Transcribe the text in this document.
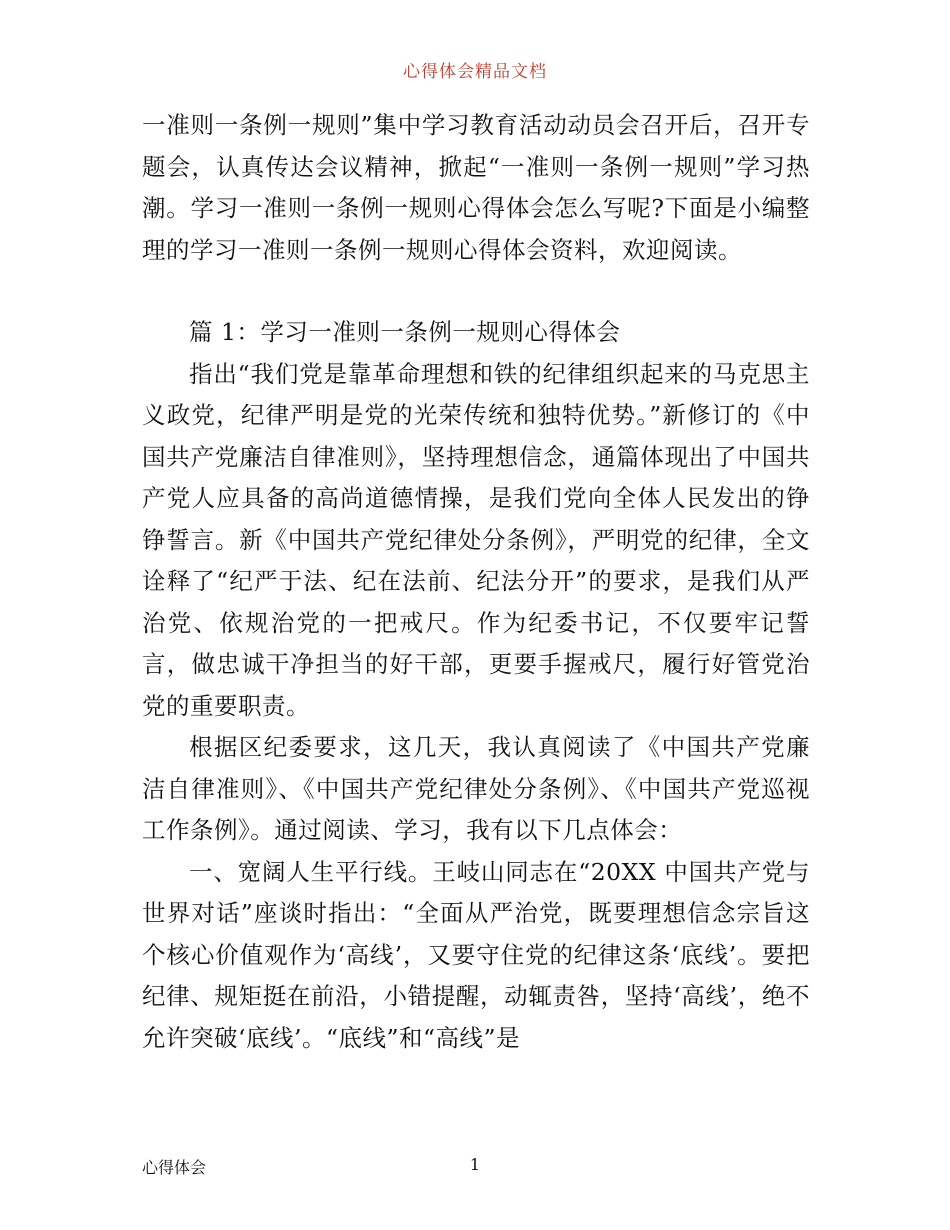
心得体会精品文档

一准则一条例一规则”集中学习教育活动动员会召开后，召开专题会，认真传达会议精神，掀起“一准则一条例一规则”学习热潮。学习一准则一条例一规则心得体会怎么写呢?下面是小编整理的学习一准则一条例一规则心得体会资料，欢迎阅读。

篇 1：学习一准则一条例一规则心得体会

指出“我们党是靠革命理想和铁的纪律组织起来的马克思主义政党，纪律严明是党的光荣传统和独特优势。”新修订的《中国共产党廉洁自律准则》，坚持理想信念，通篇体现出了中国共产党人应具备的高尚道德情操，是我们党向全体人民发出的铮铮誓言。新《中国共产党纪律处分条例》，严明党的纪律，全文诠释了“纪严于法、纪在法前、纪法分开”的要求，是我们从严治党、依规治党的一把戒尺。作为纪委书记，不仅要牢记誓言，做忠诚干净担当的好干部，更要手握戒尺，履行好管党治党的重要职责。

根据区纪委要求，这几天，我认真阅读了《中国共产党廉洁自律准则》、《中国共产党纪律处分条例》、《中国共产党巡视工作条例》。通过阅读、学习，我有以下几点体会：

一、宽阔人生平行线。王岐山同志在“20XX 中国共产党与世界对话”座谈时指出：“全面从严治党，既要理想信念宗旨这个核心价值观作为‘高线’，又要守住党的纪律这条‘底线’。要把纪律、规矩挺在前沿，小错提醒，动辄责咎，坚持‘高线’，绝不允许突破‘底线’。“底线”和“高线”是

心得体会	1
